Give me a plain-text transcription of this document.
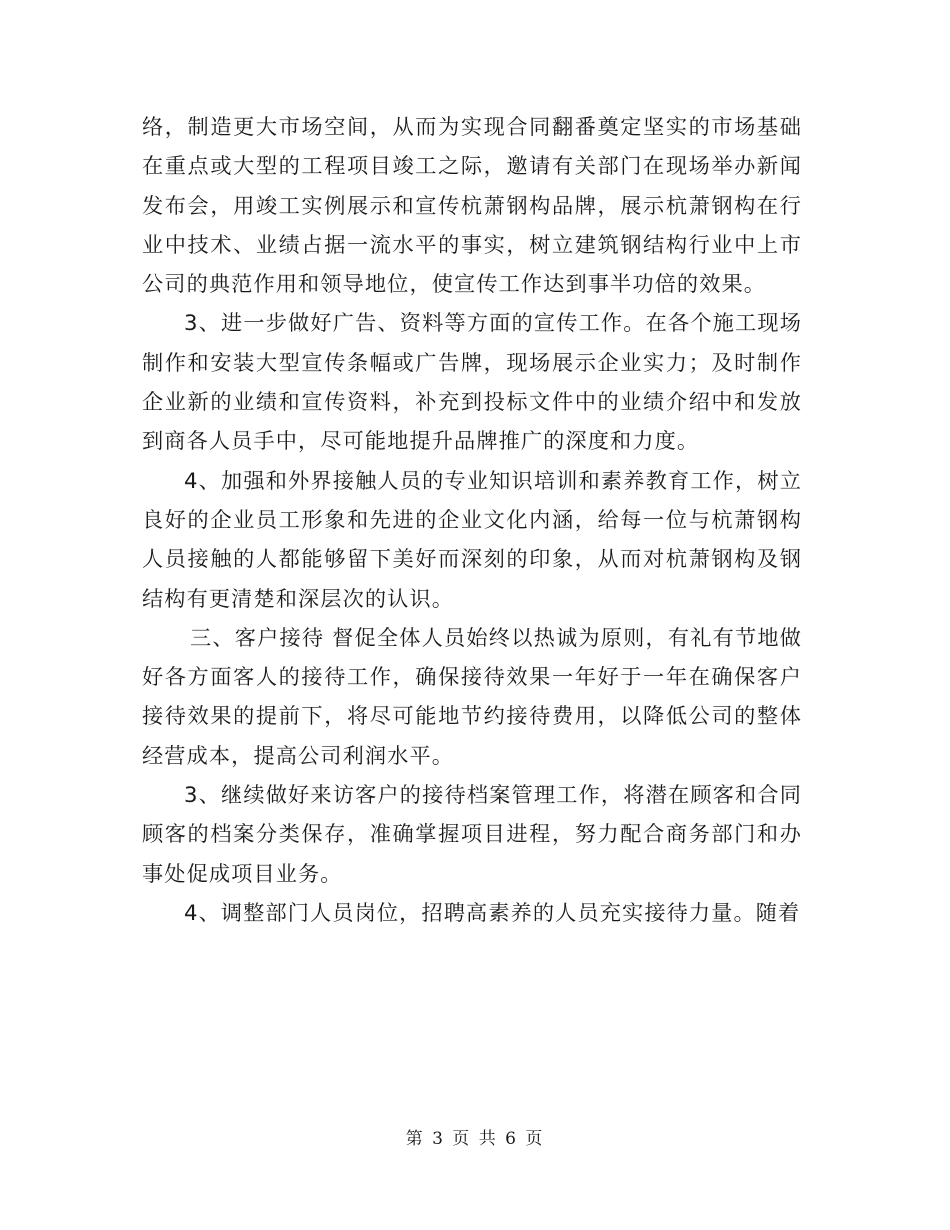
络，制造更大市场空间，从而为实现合同翻番奠定坚实的市场基础在重点或大型的工程项目竣工之际，邀请有关部门在现场举办新闻发布会，用竣工实例展示和宣传杭萧钢构品牌，展示杭萧钢构在行业中技术、业绩占据一流水平的事实，树立建筑钢结构行业中上市公司的典范作用和领导地位，使宣传工作达到事半功倍的效果。

3、进一步做好广告、资料等方面的宣传工作。在各个施工现场制作和安装大型宣传条幅或广告牌，现场展示企业实力；及时制作企业新的业绩和宣传资料，补充到投标文件中的业绩介绍中和发放到商各人员手中，尽可能地提升品牌推广的深度和力度。

4、加强和外界接触人员的专业知识培训和素养教育工作，树立良好的企业员工形象和先进的企业文化内涵，给每一位与杭萧钢构人员接触的人都能够留下美好而深刻的印象，从而对杭萧钢构及钢结构有更清楚和深层次的认识。

三、客户接待 督促全体人员始终以热诚为原则，有礼有节地做好各方面客人的接待工作，确保接待效果一年好于一年在确保客户接待效果的提前下，将尽可能地节约接待费用，以降低公司的整体经营成本，提高公司利润水平。

3、继续做好来访客户的接待档案管理工作，将潜在顾客和合同顾客的档案分类保存，准确掌握项目进程，努力配合商务部门和办事处促成项目业务。

4、调整部门人员岗位，招聘高素养的人员充实接待力量。随着

第 3 页 共 6 页
